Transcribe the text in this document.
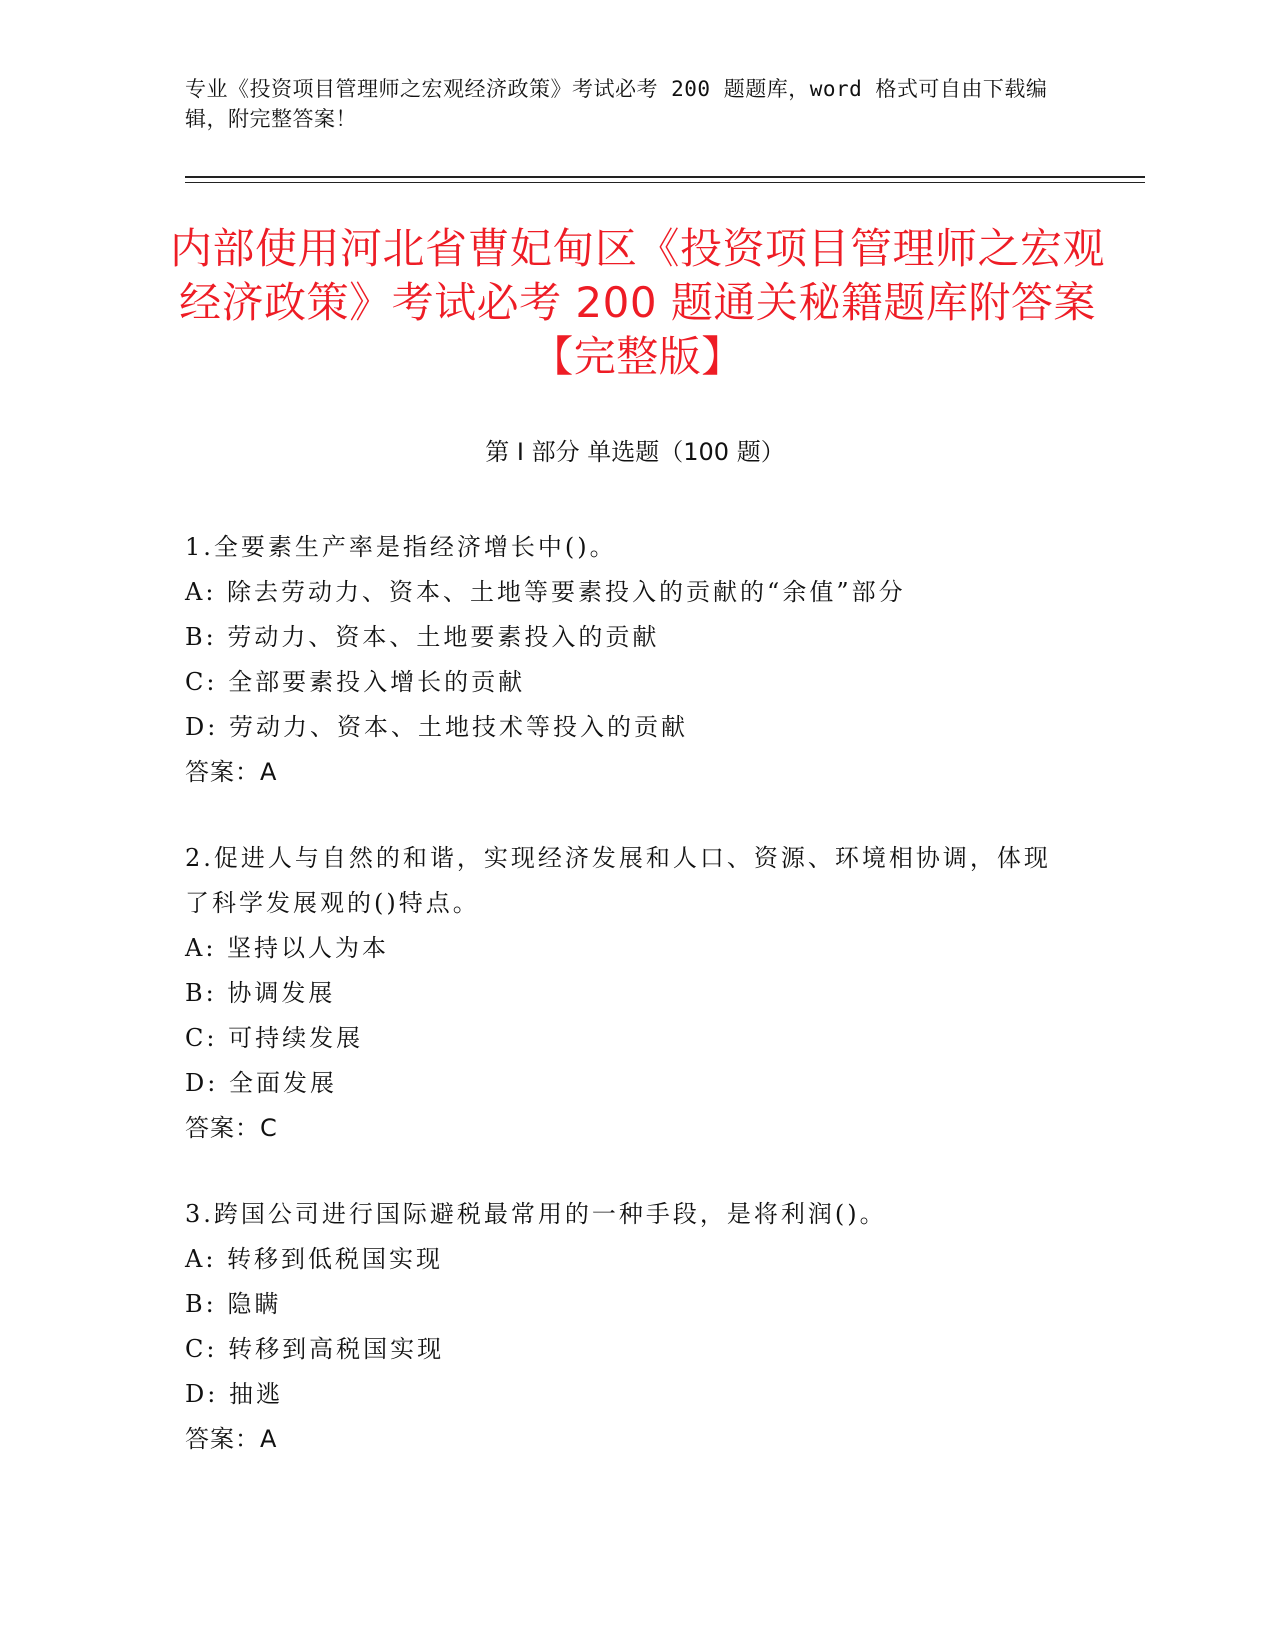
专业《投资项目管理师之宏观经济政策》考试必考 200 题题库，word 格式可自由下载编辑，附完整答案！
内部使用河北省曹妃甸区《投资项目管理师之宏观经济政策》考试必考 200 题通关秘籍题库附答案【完整版】
第 I 部分 单选题（100 题）
1.全要素生产率是指经济增长中()。
A: 除去劳动力、资本、土地等要素投入的贡献的“余值”部分
B: 劳动力、资本、土地要素投入的贡献
C: 全部要素投入增长的贡献
D: 劳动力、资本、土地技术等投入的贡献
答案：A
2.促进人与自然的和谐，实现经济发展和人口、资源、环境相协调，体现了科学发展观的()特点。
A: 坚持以人为本
B: 协调发展
C: 可持续发展
D: 全面发展
答案：C
3.跨国公司进行国际避税最常用的一种手段，是将利润()。
A: 转移到低税国实现
B: 隐瞒
C: 转移到高税国实现
D: 抽逃
答案：A
